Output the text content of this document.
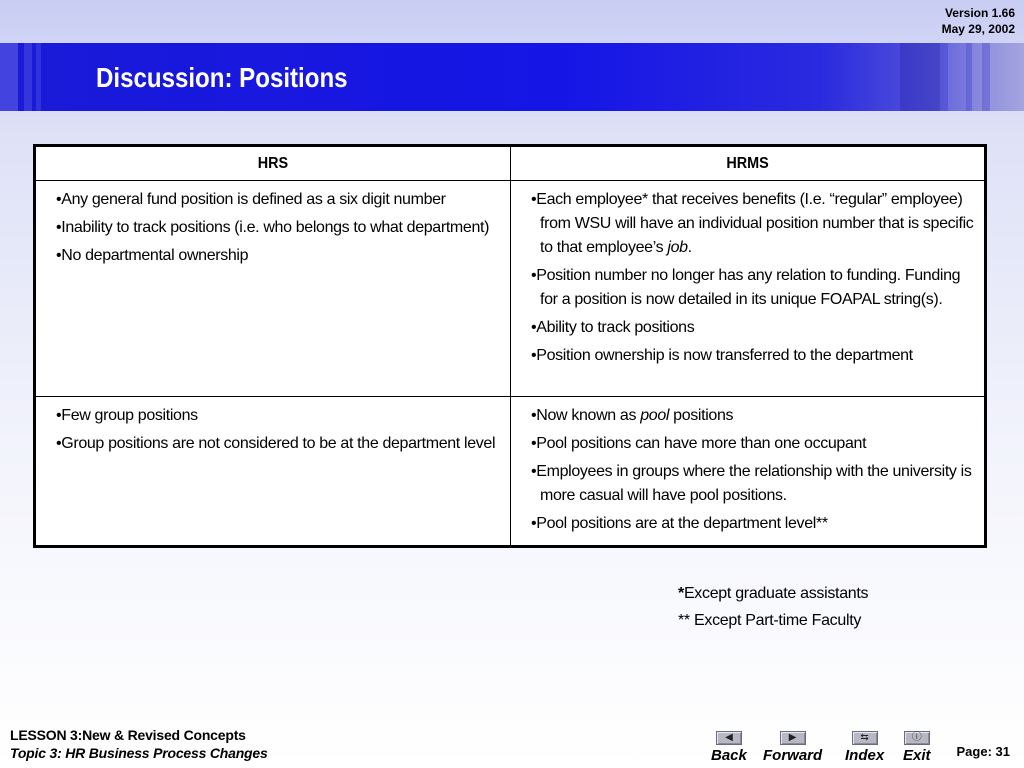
Version 1.66
May 29, 2002
Discussion: Positions
HRS	HRMS
• Any general fund position is defined as a six digit number
• Inability to track positions (i.e. who belongs to what department)
• No departmental ownership
• Each employee* that receives benefits (I.e. “regular” employee) from WSU will have an individual position number that is specific to that employee’s job.
• Position number no longer has any relation to funding. Funding for a position is now detailed in its unique FOAPAL string(s).
• Ability to track positions
• Position ownership is now transferred to the department
• Few group positions
• Group positions are not considered to be at the department level
• Now known as pool positions
• Pool positions can have more than one occupant
• Employees in groups where the relationship with the university is more casual will have pool positions.
• Pool positions are at the department level**
*Except graduate assistants
** Except Part-time Faculty
LESSON 3:New & Revised Concepts
Topic 3: HR Business Process Changes
◀
Back
▶
Forward
⇆
Index
ⓘ
Exit Page: 31
